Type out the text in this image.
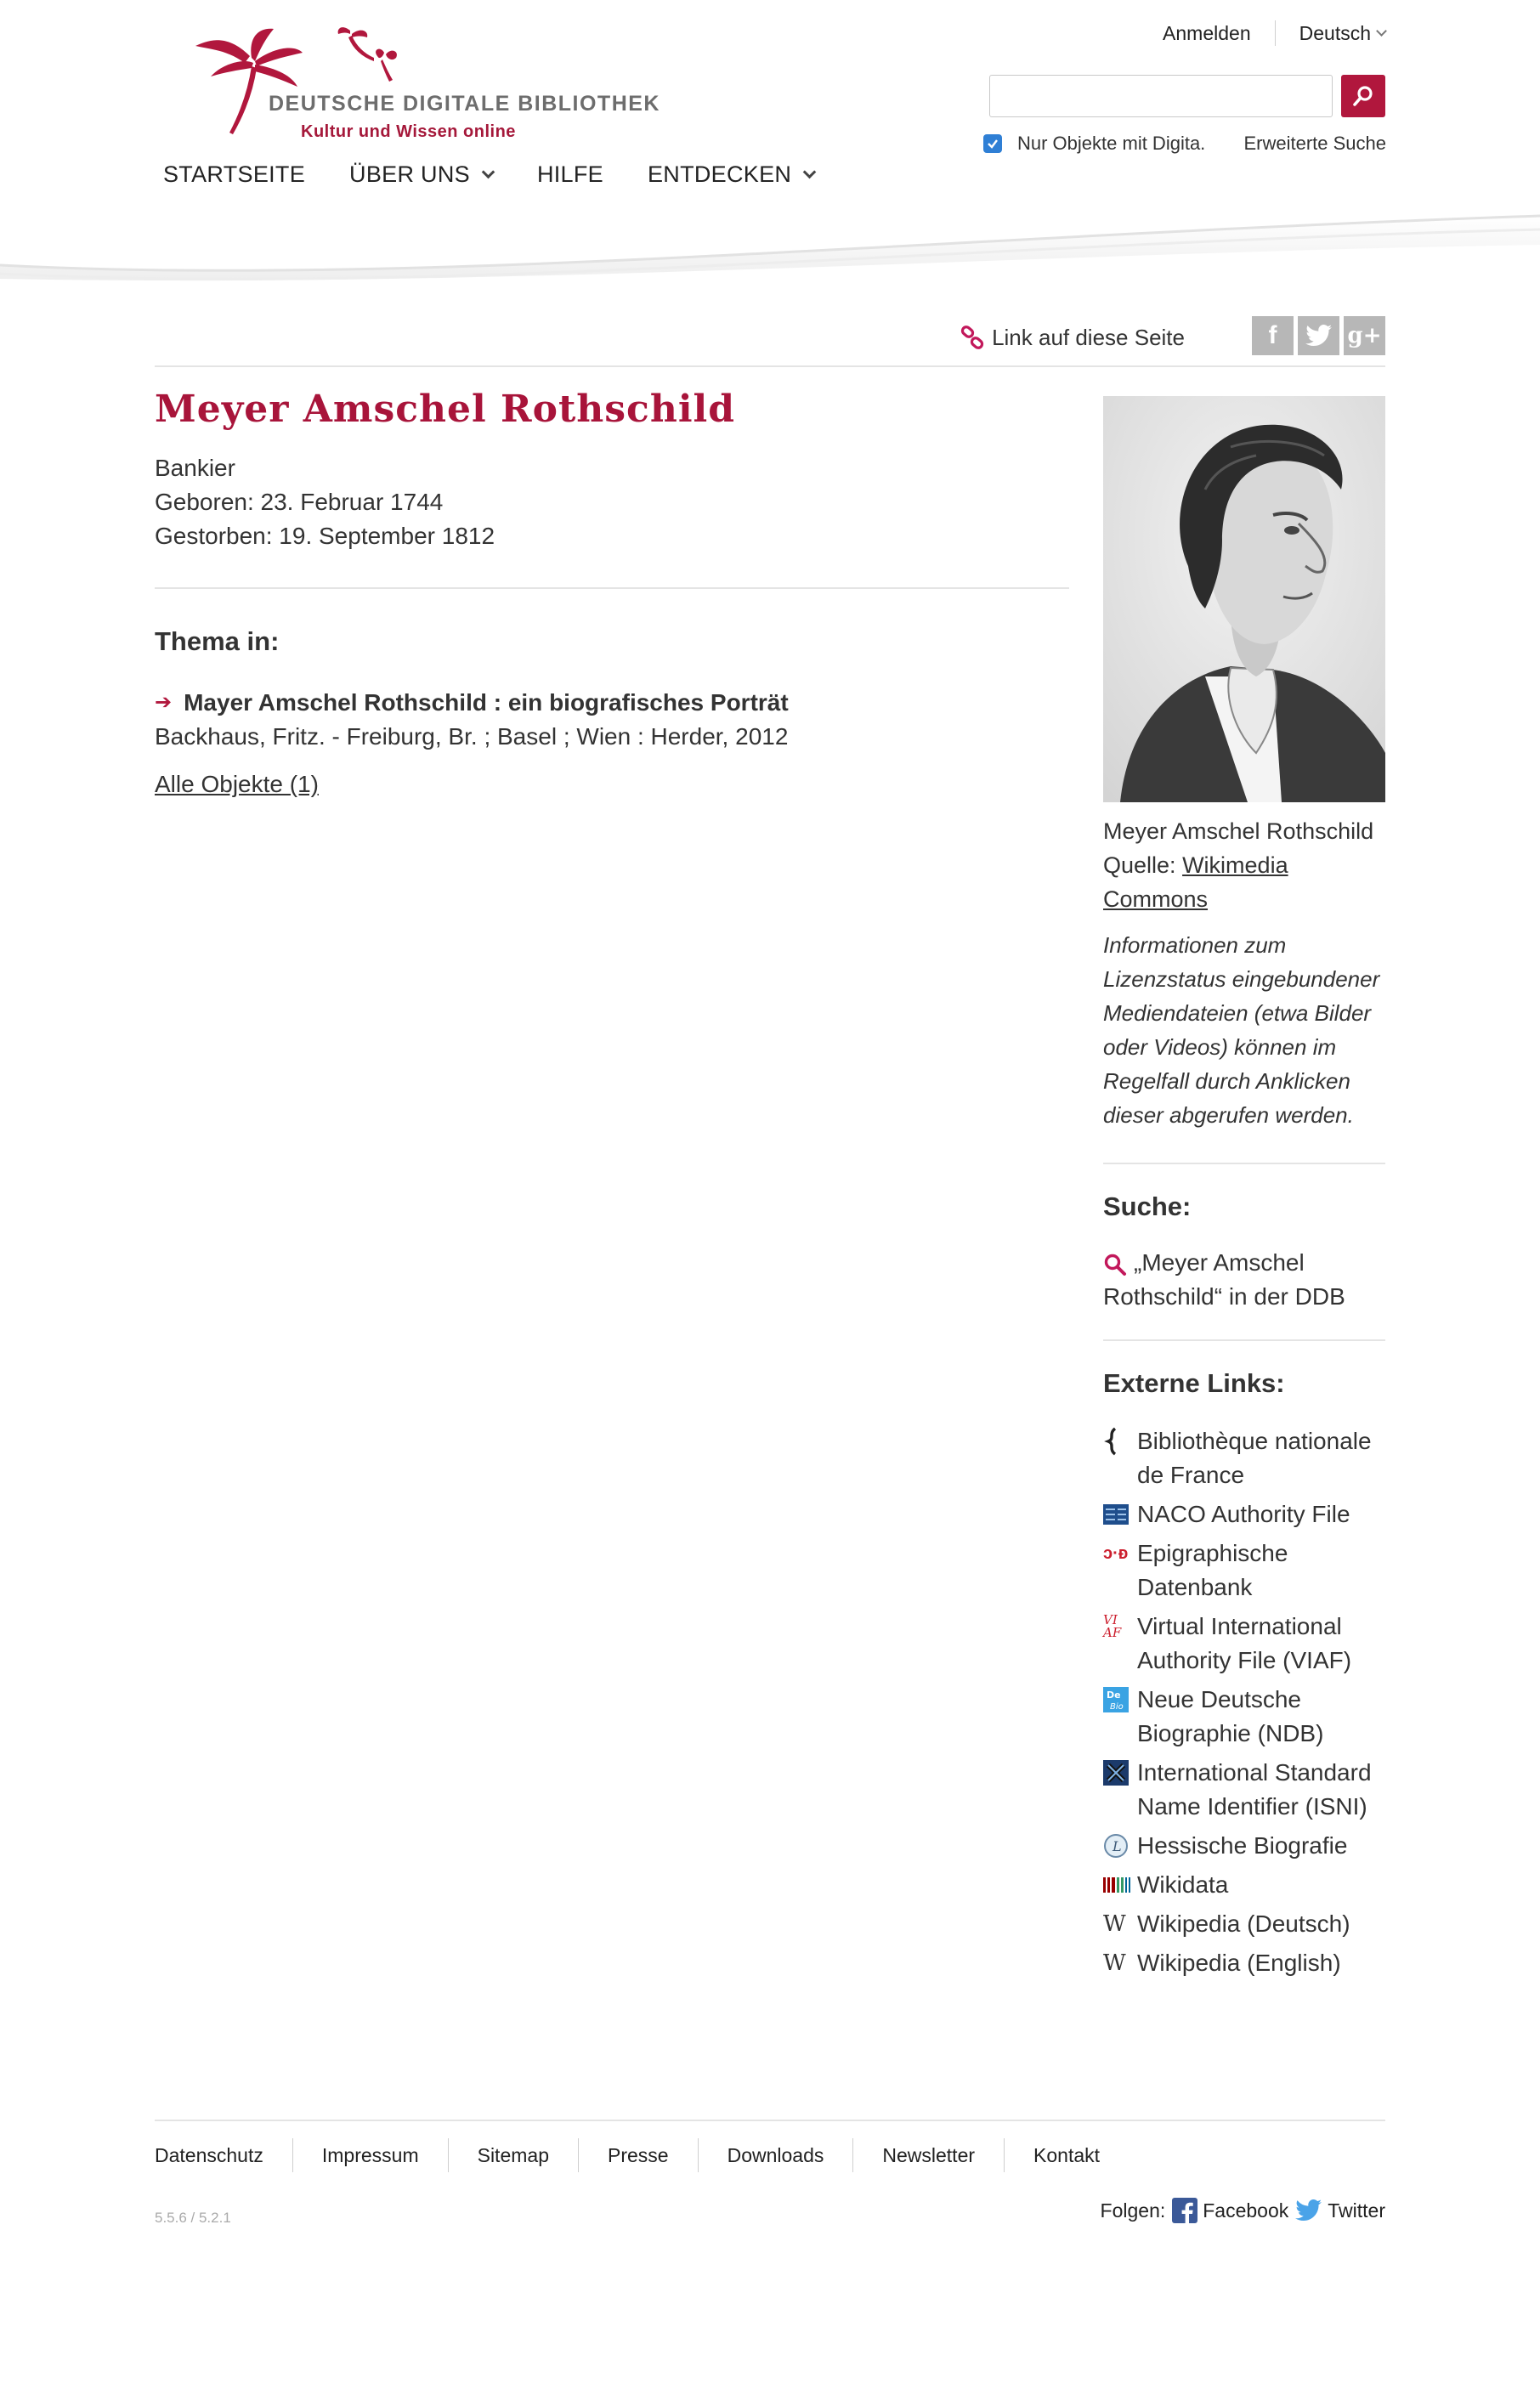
DEUTSCHE DIGITALE BIBLIOTHEK
Kultur und Wissen online
Anmelden	Deutsch
Nur Objekte mit Digita. Erweiterte Suche
STARTSEITE ÜBER UNS	HILFE ENTDECKEN
Link auf diese Seite	f	g+
Meyer Amschel Rothschild
Bankier
Geboren: 23. Februar 1744
Gestorben: 19. September 1812
Thema in:
➔ Mayer Amschel Rothschild : ein biografisches Porträt
Backhaus, Fritz. - Freiburg, Br. ; Basel ; Wien : Herder, 2012
Alle Objekte (1)
Meyer Amschel Rothschild
Quelle: Wikimedia Commons
Informationen zum Lizenzstatus eingebundener Mediendateien (etwa Bilder oder Videos) können im Regelfall durch Anklicken dieser abgerufen werden.
Suche:
„Meyer Amschel Rothschild“ in der DDB
Externe Links:
Bibliothèque nationale de France
NACO Authority File
ɔ·ᴆ Epigraphische Datenbank
VI
AF Virtual International Authority File (VIAF)
De
Bio Neue Deutsche Biographie (NDB)
International Standard Name Identifier (ISNI)
L Hessische Biografie
Wikidata
W Wikipedia (Deutsch)
W Wikipedia (English)
Datenschutz	Impressum	Sitemap	Presse	Downloads	Newsletter	Kontakt
Folgen: Facebook Twitter
5.5.6 / 5.2.1
